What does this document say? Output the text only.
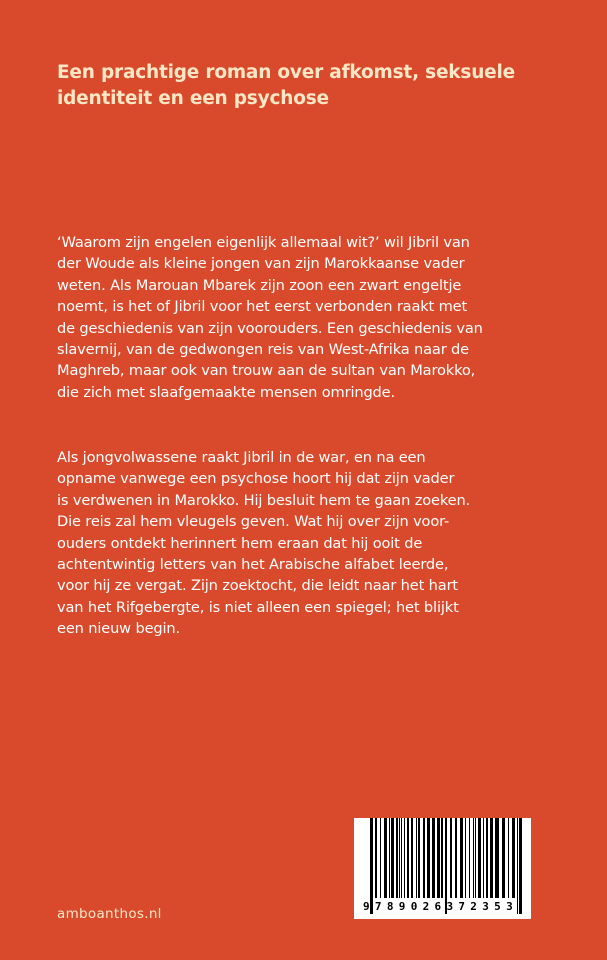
Een prachtige roman over afkomst, seksuele
identiteit en een psychose
‘Waarom zijn engelen eigenlijk allemaal wit?’ wil Jibril van
der Woude als kleine jongen van zijn Marokkaanse vader
weten. Als Marouan Mbarek zijn zoon een zwart engeltje
noemt, is het of Jibril voor het eerst verbonden raakt met
de geschiedenis van zijn voorouders. Een geschiedenis van
slavernij, van de gedwongen reis van West-Afrika naar de
Maghreb, maar ook van trouw aan de sultan van Marokko,
die zich met slaafgemaakte mensen omringde.
Als jongvolwassene raakt Jibril in de war, en na een
opname vanwege een psychose hoort hij dat zijn vader
is verdwenen in Marokko. Hij besluit hem te gaan zoeken.
Die reis zal hem vleugels geven. Wat hij over zijn voor-
ouders ontdekt herinnert hem eraan dat hij ooit de
achtentwintig letters van het Arabische alfabet leerde,
voor hij ze vergat. Zijn zoektocht, die leidt naar het hart
van het Rifgebergte, is niet alleen een spiegel; het blijkt
een nieuw begin.
amboanthos.nl	9789026372353
